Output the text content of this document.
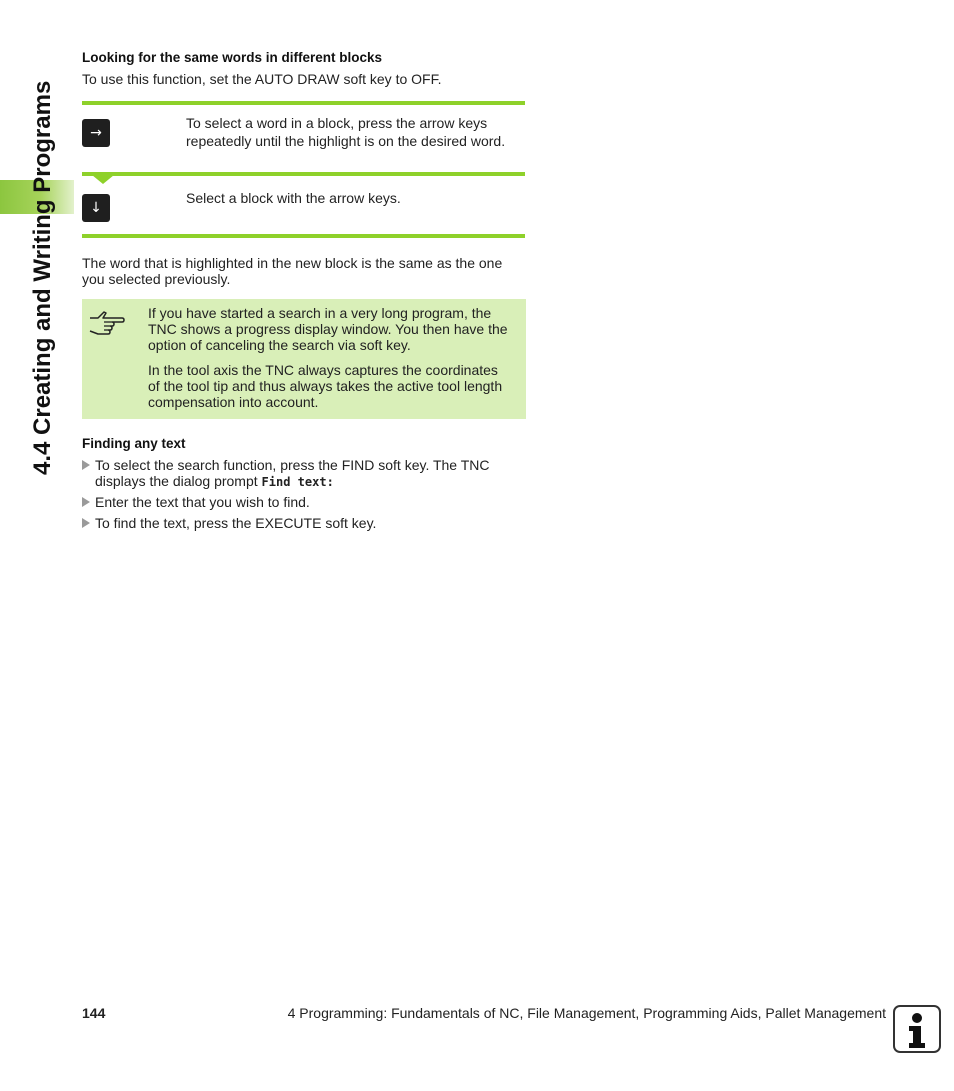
4.4 Creating and Writing Programs
Looking for the same words in different blocks
To use this function, set the AUTO DRAW soft key to OFF.
→
To select a word in a block, press the arrow keys
repeatedly until the highlight is on the desired word.
↓
Select a block with the arrow keys.
The word that is highlighted in the new block is the same as the one
you selected previously.
If you have started a search in a very long program, the
TNC shows a progress display window. You then have the
option of canceling the search via soft key.
In the tool axis the TNC always captures the coordinates
of the tool tip and thus always takes the active tool length
compensation into account.
Finding any text
To select the search function, press the FIND soft key. The TNC
displays the dialog prompt Find text:
Enter the text that you wish to find.
To find the text, press the EXECUTE soft key.
144	4 Programming: Fundamentals of NC, File Management, Programming Aids, Pallet Management
